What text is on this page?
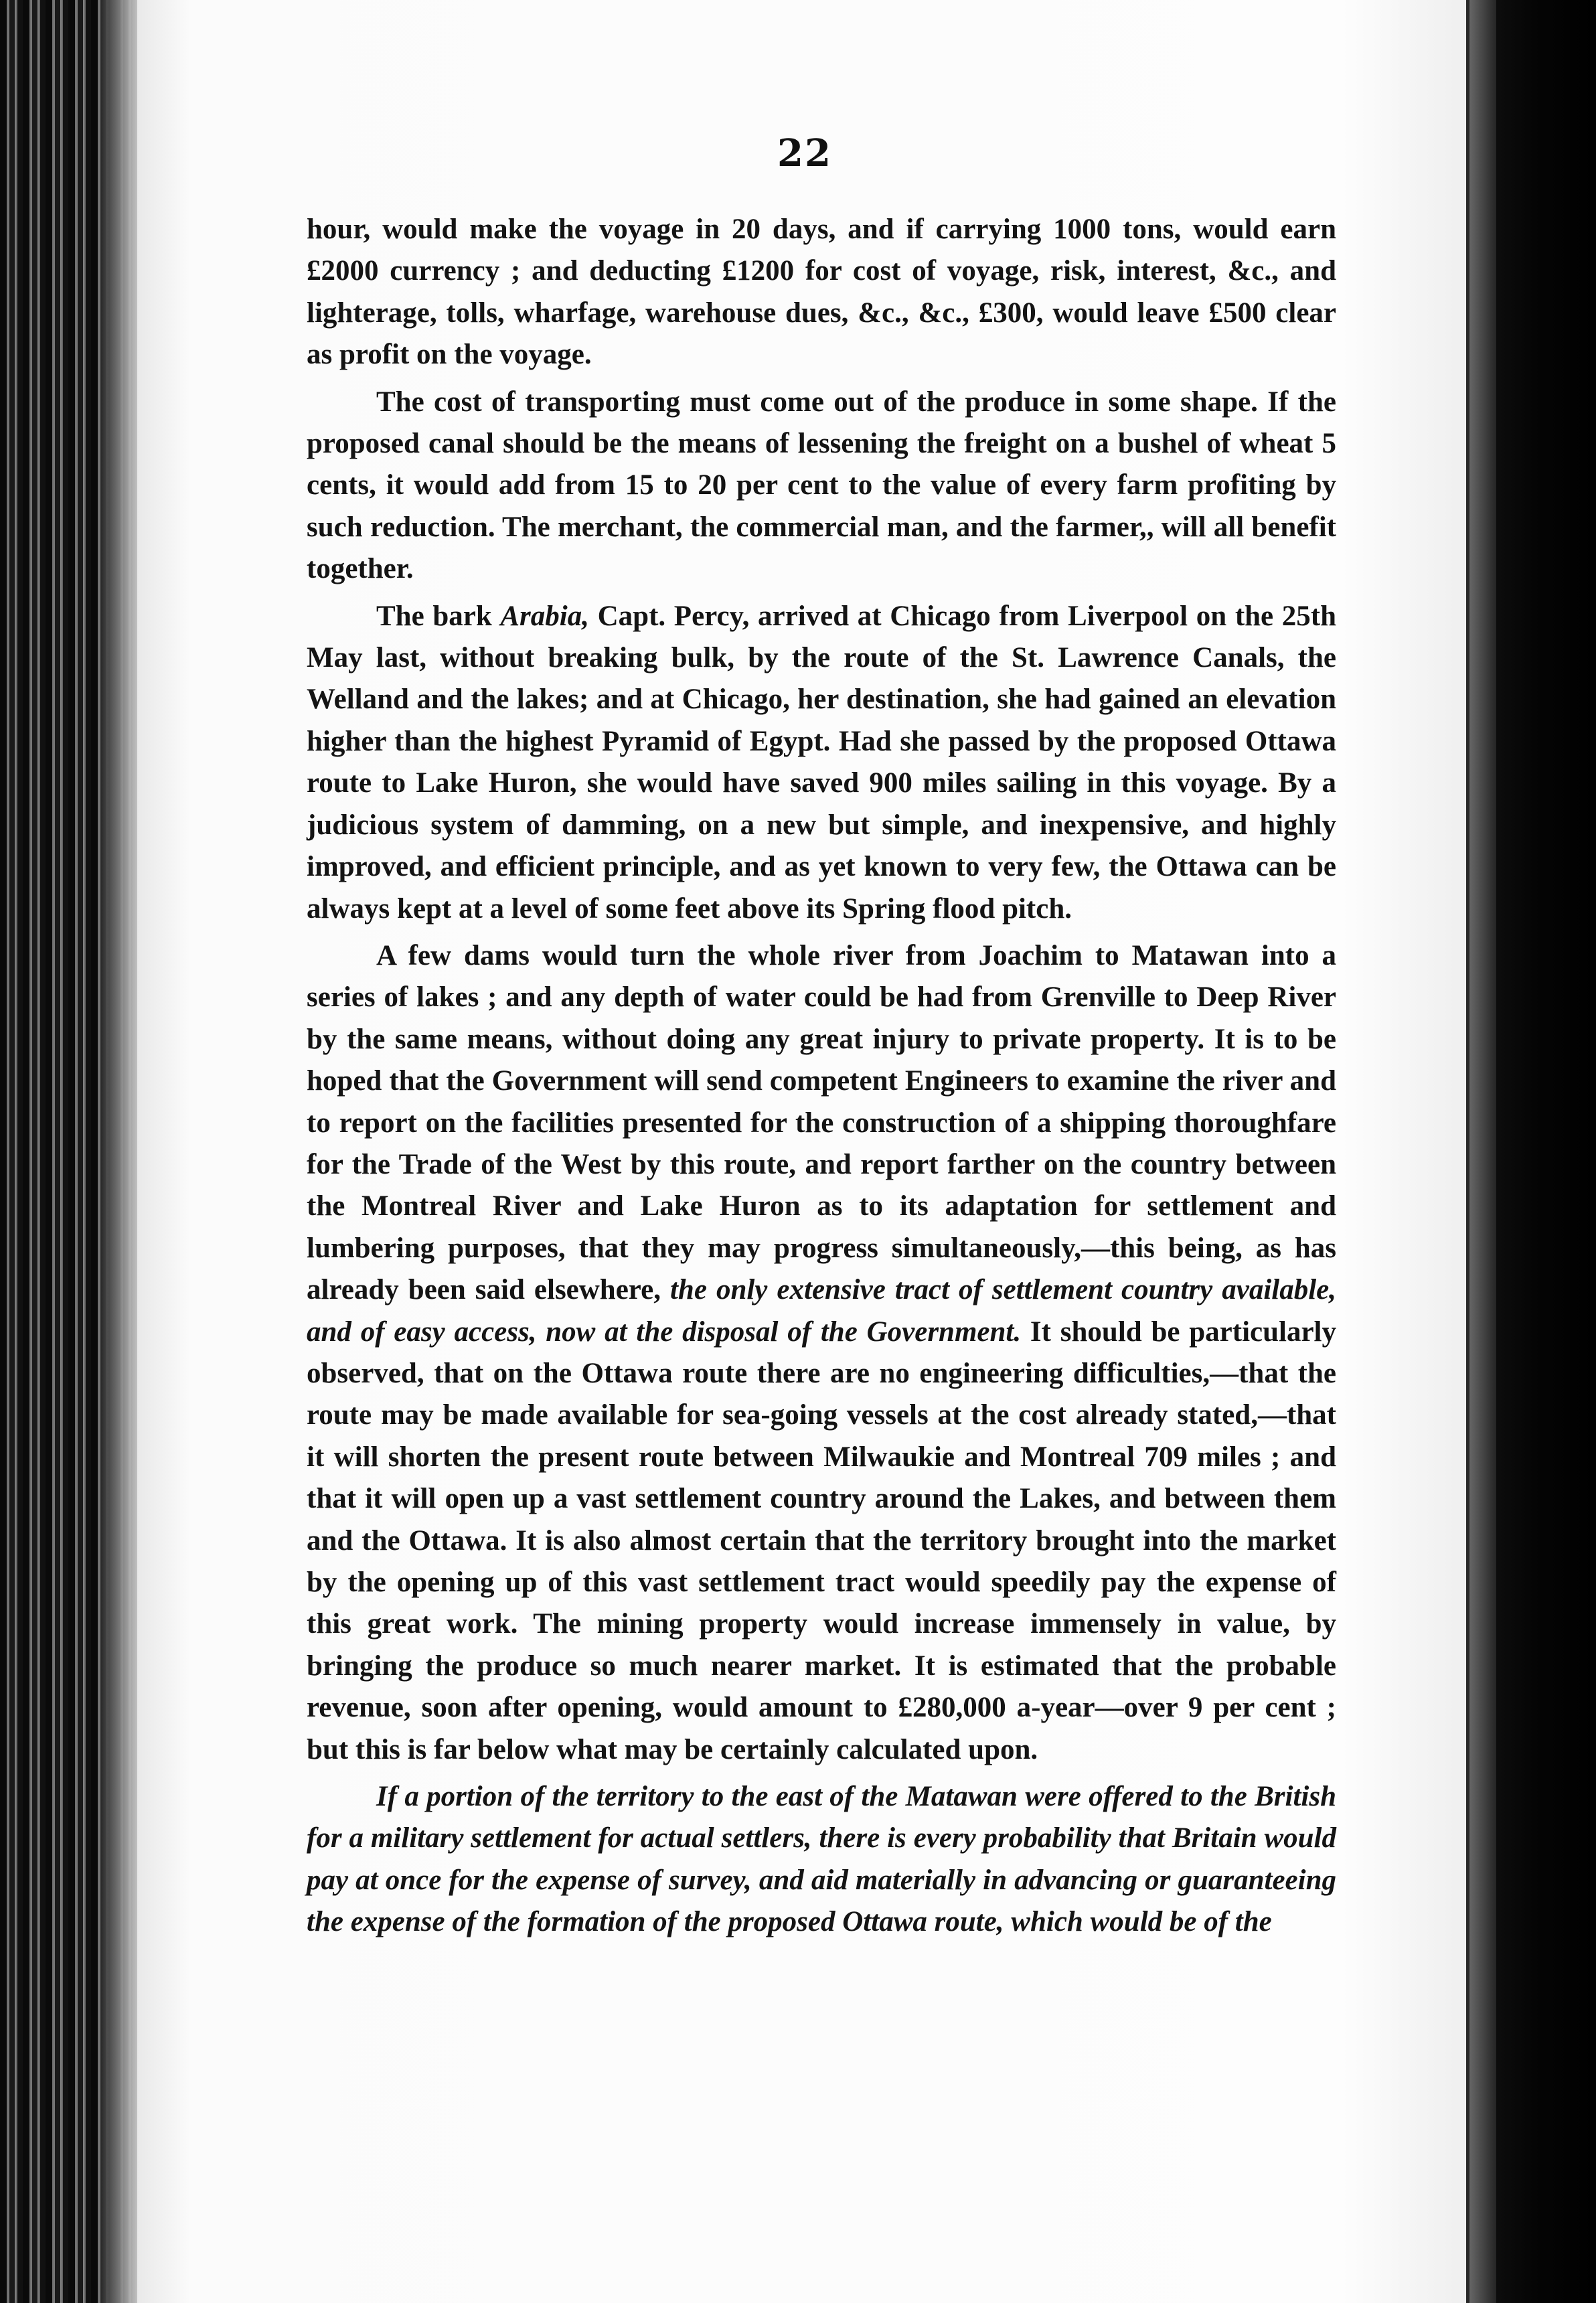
22

hour, would make the voyage in 20 days, and if carrying 1000 tons, would earn £2000 currency ; and deducting £1200 for cost of voyage, risk, interest, &c., and lighterage, tolls, wharfage, warehouse dues, &c., &c., £300, would leave £500 clear as profit on the voyage.

The cost of transporting must come out of the produce in some shape. If the proposed canal should be the means of lessening the freight on a bushel of wheat 5 cents, it would add from 15 to 20 per cent to the value of every farm profiting by such reduction. The merchant, the commercial man, and the farmer,, will all benefit together.

The bark Arabia, Capt. Percy, arrived at Chicago from Liverpool on the 25th May last, without breaking bulk, by the route of the St. Lawrence Canals, the Welland and the lakes; and at Chicago, her destination, she had gained an elevation higher than the highest Pyramid of Egypt. Had she passed by the proposed Ottawa route to Lake Huron, she would have saved 900 miles sailing in this voyage. By a judicious system of damming, on a new but simple, and inexpensive, and highly improved, and efficient principle, and as yet known to very few, the Ottawa can be always kept at a level of some feet above its Spring flood pitch.

A few dams would turn the whole river from Joachim to Matawan into a series of lakes ; and any depth of water could be had from Grenville to Deep River by the same means, without doing any great injury to private property. It is to be hoped that the Government will send competent Engineers to examine the river and to report on the facilities presented for the construction of a shipping thoroughfare for the Trade of the West by this route, and report farther on the country between the Montreal River and Lake Huron as to its adaptation for settlement and lumbering purposes, that they may progress simultaneously,—this being, as has already been said elsewhere, the only extensive tract of settlement country available, and of easy access, now at the disposal of the Government. It should be particularly observed, that on the Ottawa route there are no engineering difficulties,—that the route may be made available for sea-going vessels at the cost already stated,—that it will shorten the present route between Milwaukie and Montreal 709 miles ; and that it will open up a vast settlement country around the Lakes, and between them and the Ottawa. It is also almost certain that the territory brought into the market by the opening up of this vast settlement tract would speedily pay the expense of this great work. The mining property would increase immensely in value, by bringing the produce so much nearer market. It is estimated that the probable revenue, soon after opening, would amount to £280,000 a-year—over 9 per cent ; but this is far below what may be certainly calculated upon.

If a portion of the territory to the east of the Matawan were offered to the British for a military settlement for actual settlers, there is every probability that Britain would pay at once for the expense of survey, and aid materially in advancing or guaranteeing the expense of the formation of the proposed Ottawa route, which would be of the
